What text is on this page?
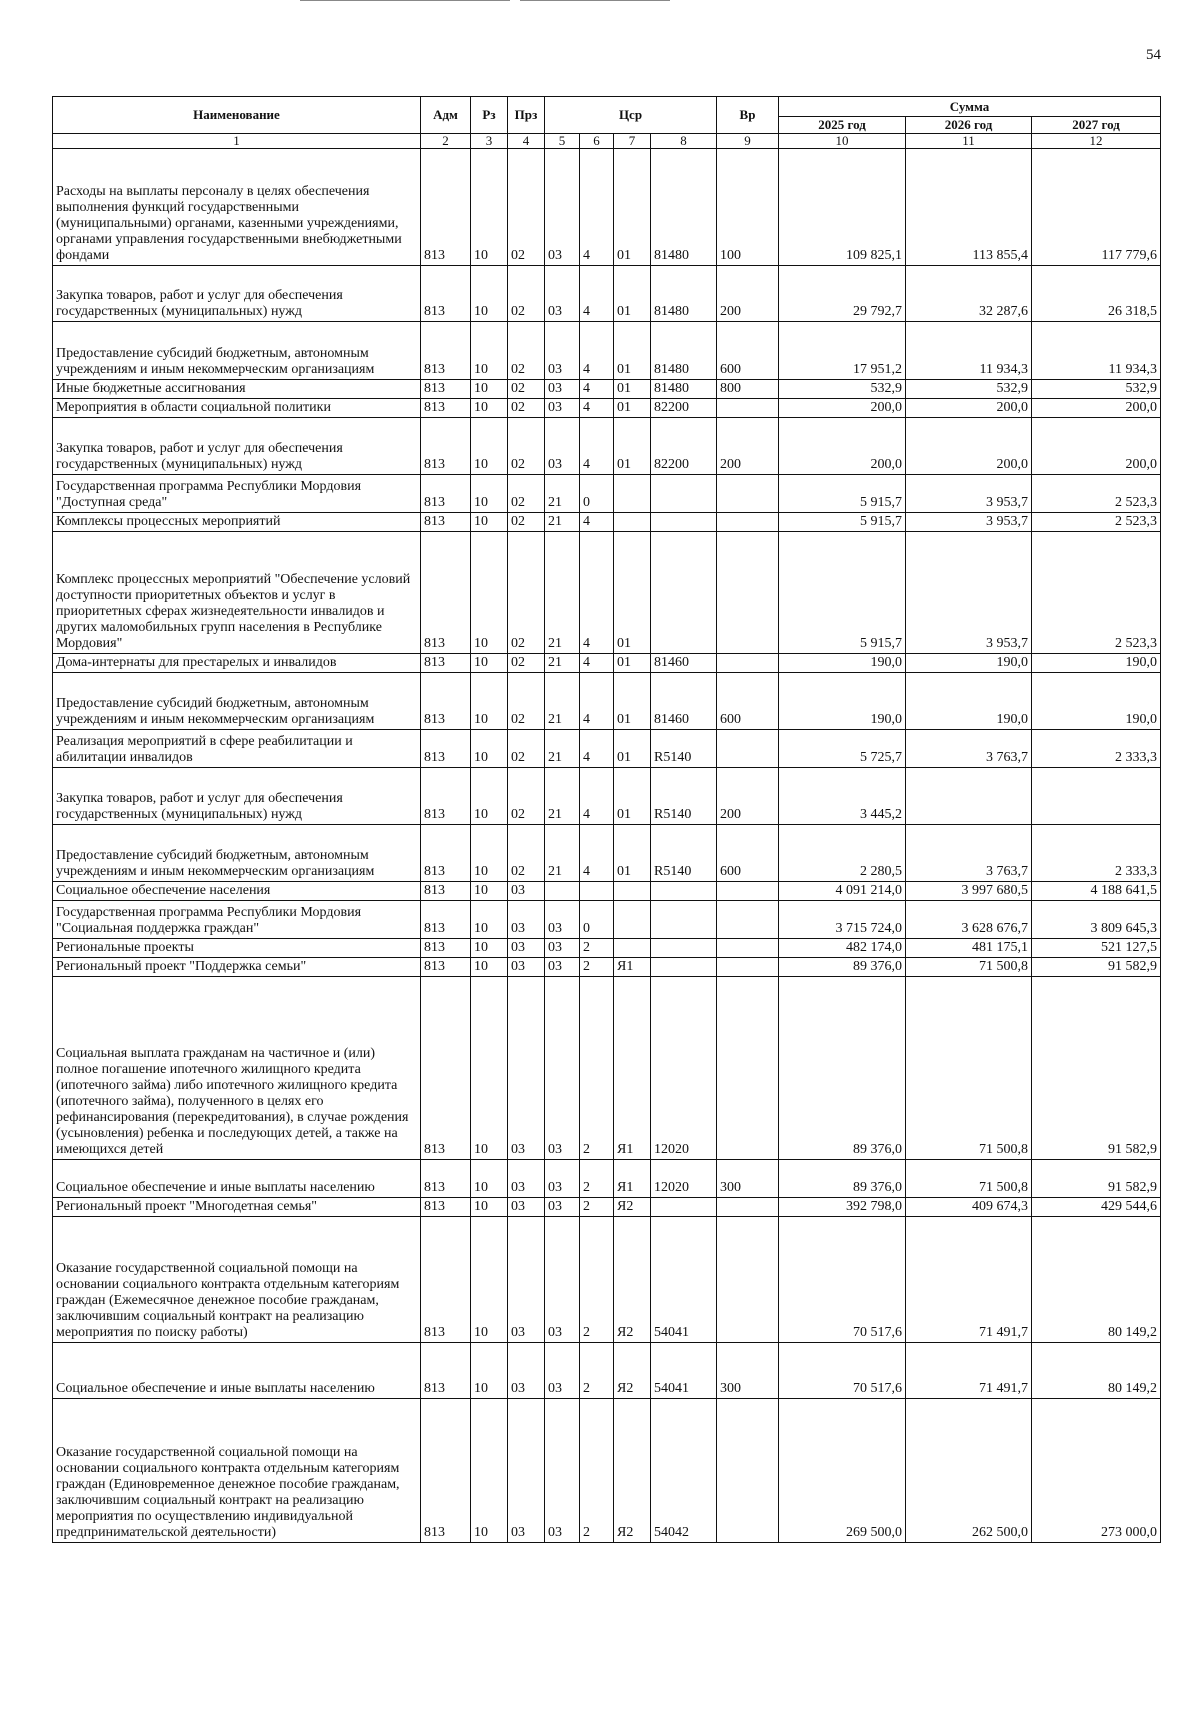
54
Наименование	Адм	Рз	Прз	Цср				Вр	Сумма		
									2025 год	2026 год	2027 год
1	2	3	4	5	6	7	8	9	10	11	12
Расходы на выплаты персоналу в целях обеспечения выполнения функций государственными (муниципальными) органами, казенными учреждениями, органами управления государственными внебюджетными фондами	813	10	02	03	4	01	81480	100	109 825,1	113 855,4	117 779,6
Закупка товаров, работ и услуг для обеспечения государственных (муниципальных) нужд	813	10	02	03	4	01	81480	200	29 792,7	32 287,6	26 318,5
Предоставление субсидий бюджетным, автономным учреждениям и иным некоммерческим организациям	813	10	02	03	4	01	81480	600	17 951,2	11 934,3	11 934,3
Иные бюджетные ассигнования	813	10	02	03	4	01	81480	800	532,9	532,9	532,9
Мероприятия в области социальной политики	813	10	02	03	4	01	82200		200,0	200,0	200,0
Закупка товаров, работ и услуг для обеспечения государственных (муниципальных) нужд	813	10	02	03	4	01	82200	200	200,0	200,0	200,0
Государственная программа Республики Мордовия "Доступная среда"	813	10	02	21	0				5 915,7	3 953,7	2 523,3
Комплексы процессных мероприятий	813	10	02	21	4				5 915,7	3 953,7	2 523,3
Комплекс процессных мероприятий "Обеспечение условий доступности приоритетных объектов и услуг в приоритетных сферах жизнедеятельности инвалидов и других маломобильных групп населения в Республике Мордовия"	813	10	02	21	4	01			5 915,7	3 953,7	2 523,3
Дома-интернаты для престарелых и инвалидов	813	10	02	21	4	01	81460		190,0	190,0	190,0
Предоставление субсидий бюджетным, автономным учреждениям и иным некоммерческим организациям	813	10	02	21	4	01	81460	600	190,0	190,0	190,0
Реализация мероприятий в сфере реабилитации и абилитации инвалидов	813	10	02	21	4	01	R5140		5 725,7	3 763,7	2 333,3
Закупка товаров, работ и услуг для обеспечения государственных (муниципальных) нужд	813	10	02	21	4	01	R5140	200	3 445,2		
Предоставление субсидий бюджетным, автономным учреждениям и иным некоммерческим организациям	813	10	02	21	4	01	R5140	600	2 280,5	3 763,7	2 333,3
Социальное обеспечение населения	813	10	03						4 091 214,0	3 997 680,5	4 188 641,5
Государственная программа Республики Мордовия "Социальная поддержка граждан"	813	10	03	03	0				3 715 724,0	3 628 676,7	3 809 645,3
Региональные проекты	813	10	03	03	2				482 174,0	481 175,1	521 127,5
Региональный проект "Поддержка семьи"	813	10	03	03	2	Я1			89 376,0	71 500,8	91 582,9
Социальная выплата гражданам на частичное и (или) полное погашение ипотечного жилищного кредита (ипотечного займа) либо ипотечного жилищного кредита (ипотечного займа), полученного в целях его рефинансирования (перекредитования), в случае рождения (усыновления) ребенка и последующих детей, а также на имеющихся детей	813	10	03	03	2	Я1	12020		89 376,0	71 500,8	91 582,9
Социальное обеспечение и иные выплаты населению	813	10	03	03	2	Я1	12020	300	89 376,0	71 500,8	91 582,9
Региональный проект "Многодетная семья"	813	10	03	03	2	Я2			392 798,0	409 674,3	429 544,6
Оказание государственной социальной помощи на основании социального контракта отдельным категориям граждан (Ежемесячное денежное пособие гражданам, заключившим социальный контракт на реализацию мероприятия по поиску работы)	813	10	03	03	2	Я2	54041		70 517,6	71 491,7	80 149,2
Социальное обеспечение и иные выплаты населению	813	10	03	03	2	Я2	54041	300	70 517,6	71 491,7	80 149,2
Оказание государственной социальной помощи на основании социального контракта отдельным категориям граждан (Единовременное денежное пособие гражданам, заключившим социальный контракт на реализацию мероприятия по осуществлению индивидуальной предпринимательской деятельности)	813	10	03	03	2	Я2	54042		269 500,0	262 500,0	273 000,0
